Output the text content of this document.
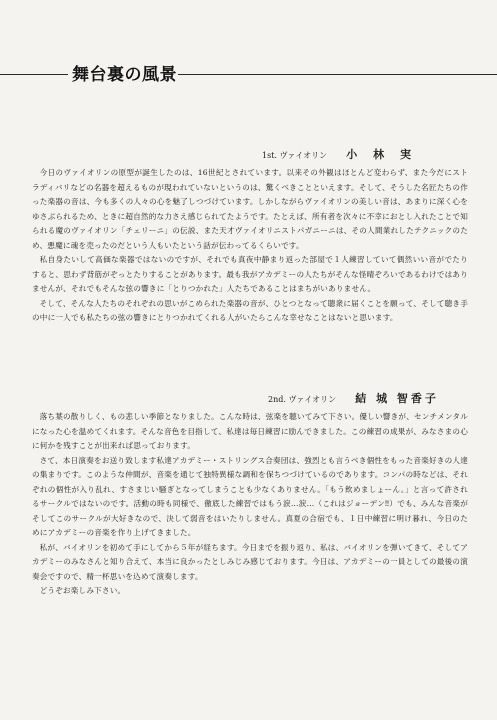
舞台裏の風景
1st. ヴァイオリン 小 林 実

今日のヴァイオリンの原型が誕生したのは、16世紀とされています。以来その外観はほとんど変わらず、また今だにストラディバリなどの名器を超えるものが現われていないというのは、驚くべきことといえます。そして、そうした名匠たちの作った楽器の音は、今も多くの人々の心を魅了しつづけています。しかしながらヴァイオリンの美しい音は、あまりに深く心をゆさぶられるため、ときに超自然的な力さえ感じられてたようです。たとえば、所有者を次々に不幸におとし入れたことで知られる魔のヴァイオリン「チェリーニ」の伝説、また天才ヴァイオリニストパガニーニは、その人間業れしたテクニックのため、悪魔に魂を売ったのだという人もいたという話が伝わってるくらいです。

私自身たいして高価な楽器ではないのですが、それでも真夜中静まり返った部屋で１人練習していて偶然いい音がでたりすると、思わず背筋がぞっとたりすることがあります。最も我がアカデミーの人たちがそんな怪晴ぞろいであるわけではありませんが、それでもそんな弦の響きに「とりつかれた」人たちであることはまちがいありません。

そして、そんな人たちのそれぞれの思いがこめられた楽器の音が、ひとつとなって聴衆に届くことを願って、そして聴き手の中に一人でも私たちの弦の響きにとりつかれてくれる人がいたらこんな幸せなことはないと思います。

2nd. ヴァイオリン 結 城 智香子

落ち葉の散りしく、もの悲しい季節となりました。こんな時は、弦楽を聴いてみて下さい。優しい響きが、センチメンタルになった心を温めてくれます。そんな音色を目指して、私達は毎日練習に励んできました。この練習の成果が、みなさまの心に何かを残すことが出来れば思っております。

さて、本日演奏をお送り致します私達アカデミー・ストリングス合奏団は、強烈とも言うべき個性をもった音楽好きの人達の集まりです。このような仲間が、音楽を通じて独特異様な調和を保ちつづけているのであります。コンパの時などは、それぞれの個性が入り乱れ、すさまじい騒ぎとなってしまうことも少なくありません。「もう飲めましょーん。」と言って許されるサークルではないのです。活動の時も同様で、徹底した練習ではもう涙…涙…（これはジョーデン‼）でも、みんな音楽がそしてこのサークルが大好きなので、決して弱音をはいたりしません。真夏の合宿でも、１日中練習に明け暮れ、今日のためにアカデミーの音楽を作り上げてきました。

私が、バイオリンを初めて手にしてから５年が経ちます。今日までを振り返り、私は、バイオリンを弾いてきて、そしてアカデミーのみなさんと知り合えて、本当に良かったとしみじみ感じております。今日は、アカデミーの一員としての最後の演奏会ですので、精一杯思いを込めて演奏します。

どうぞお楽しみ下さい。
